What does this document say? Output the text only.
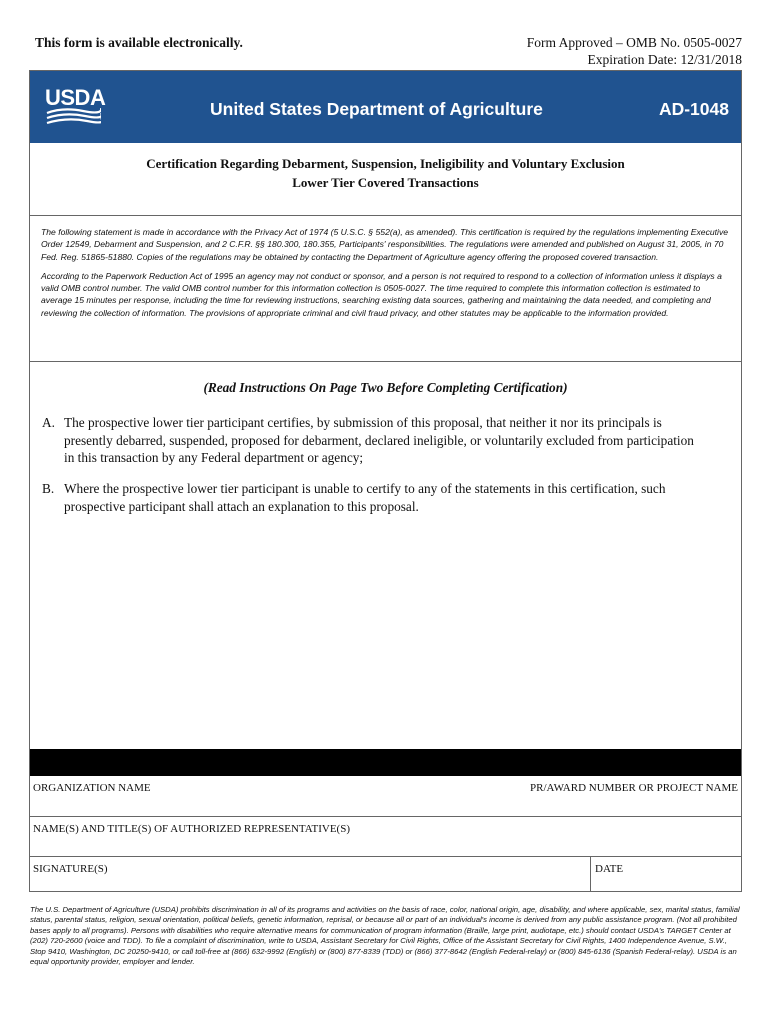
This form is available electronically.	Form Approved – OMB No. 0505-0027
Expiration Date: 12/31/2018
USDA	United States Department of Agriculture	AD-1048
Certification Regarding Debarment, Suspension, Ineligibility and Voluntary Exclusion
Lower Tier Covered Transactions

The following statement is made in accordance with the Privacy Act of 1974 (5 U.S.C. § 552(a), as amended). This certification is required by the regulations implementing Executive Order 12549, Debarment and Suspension, and 2 C.F.R. §§ 180.300, 180.355, Participants' responsibilities. The regulations were amended and published on August 31, 2005, in 70 Fed. Reg. 51865-51880. Copies of the regulations may be obtained by contacting the Department of Agriculture agency offering the proposed covered transaction.

According to the Paperwork Reduction Act of 1995 an agency may not conduct or sponsor, and a person is not required to respond to a collection of information unless it displays a valid OMB control number. The valid OMB control number for this information collection is 0505-0027. The time required to complete this information collection is estimated to average 15 minutes per response, including the time for reviewing instructions, searching existing data sources, gathering and maintaining the data needed, and completing and reviewing the collection of information. The provisions of appropriate criminal and civil fraud privacy, and other statutes may be applicable to the information provided.

(Read Instructions On Page Two Before Completing Certification)
A. The prospective lower tier participant certifies, by submission of this proposal, that neither it nor its principals is presently debarred, suspended, proposed for debarment, declared ineligible, or voluntarily excluded from participation in this transaction by any Federal department or agency;
B. Where the prospective lower tier participant is unable to certify to any of the statements in this certification, such prospective participant shall attach an explanation to this proposal.
ORGANIZATION NAME	PR/AWARD NUMBER OR PROJECT NAME
NAME(S) AND TITLE(S) OF AUTHORIZED REPRESENTATIVE(S)
SIGNATURE(S)	DATE
The U.S. Department of Agriculture (USDA) prohibits discrimination in all of its programs and activities on the basis of race, color, national origin, age, disability, and where applicable, sex, marital status, familial status, parental status, religion, sexual orientation, political beliefs, genetic information, reprisal, or because all or part of an individual's income is derived from any public assistance program. (Not all prohibited bases apply to all programs). Persons with disabilities who require alternative means for communication of program information (Braille, large print, audiotape, etc.) should contact USDA's TARGET Center at (202) 720-2600 (voice and TDD). To file a complaint of discrimination, write to USDA, Assistant Secretary for Civil Rights, Office of the Assistant Secretary for Civil Rights, 1400 Independence Avenue, S.W., Stop 9410, Washington, DC 20250-9410, or call toll-free at (866) 632-9992 (English) or (800) 877-8339 (TDD) or (866) 377-8642 (English Federal-relay) or (800) 845-6136 (Spanish Federal-relay). USDA is an equal opportunity provider, employer and lender.
